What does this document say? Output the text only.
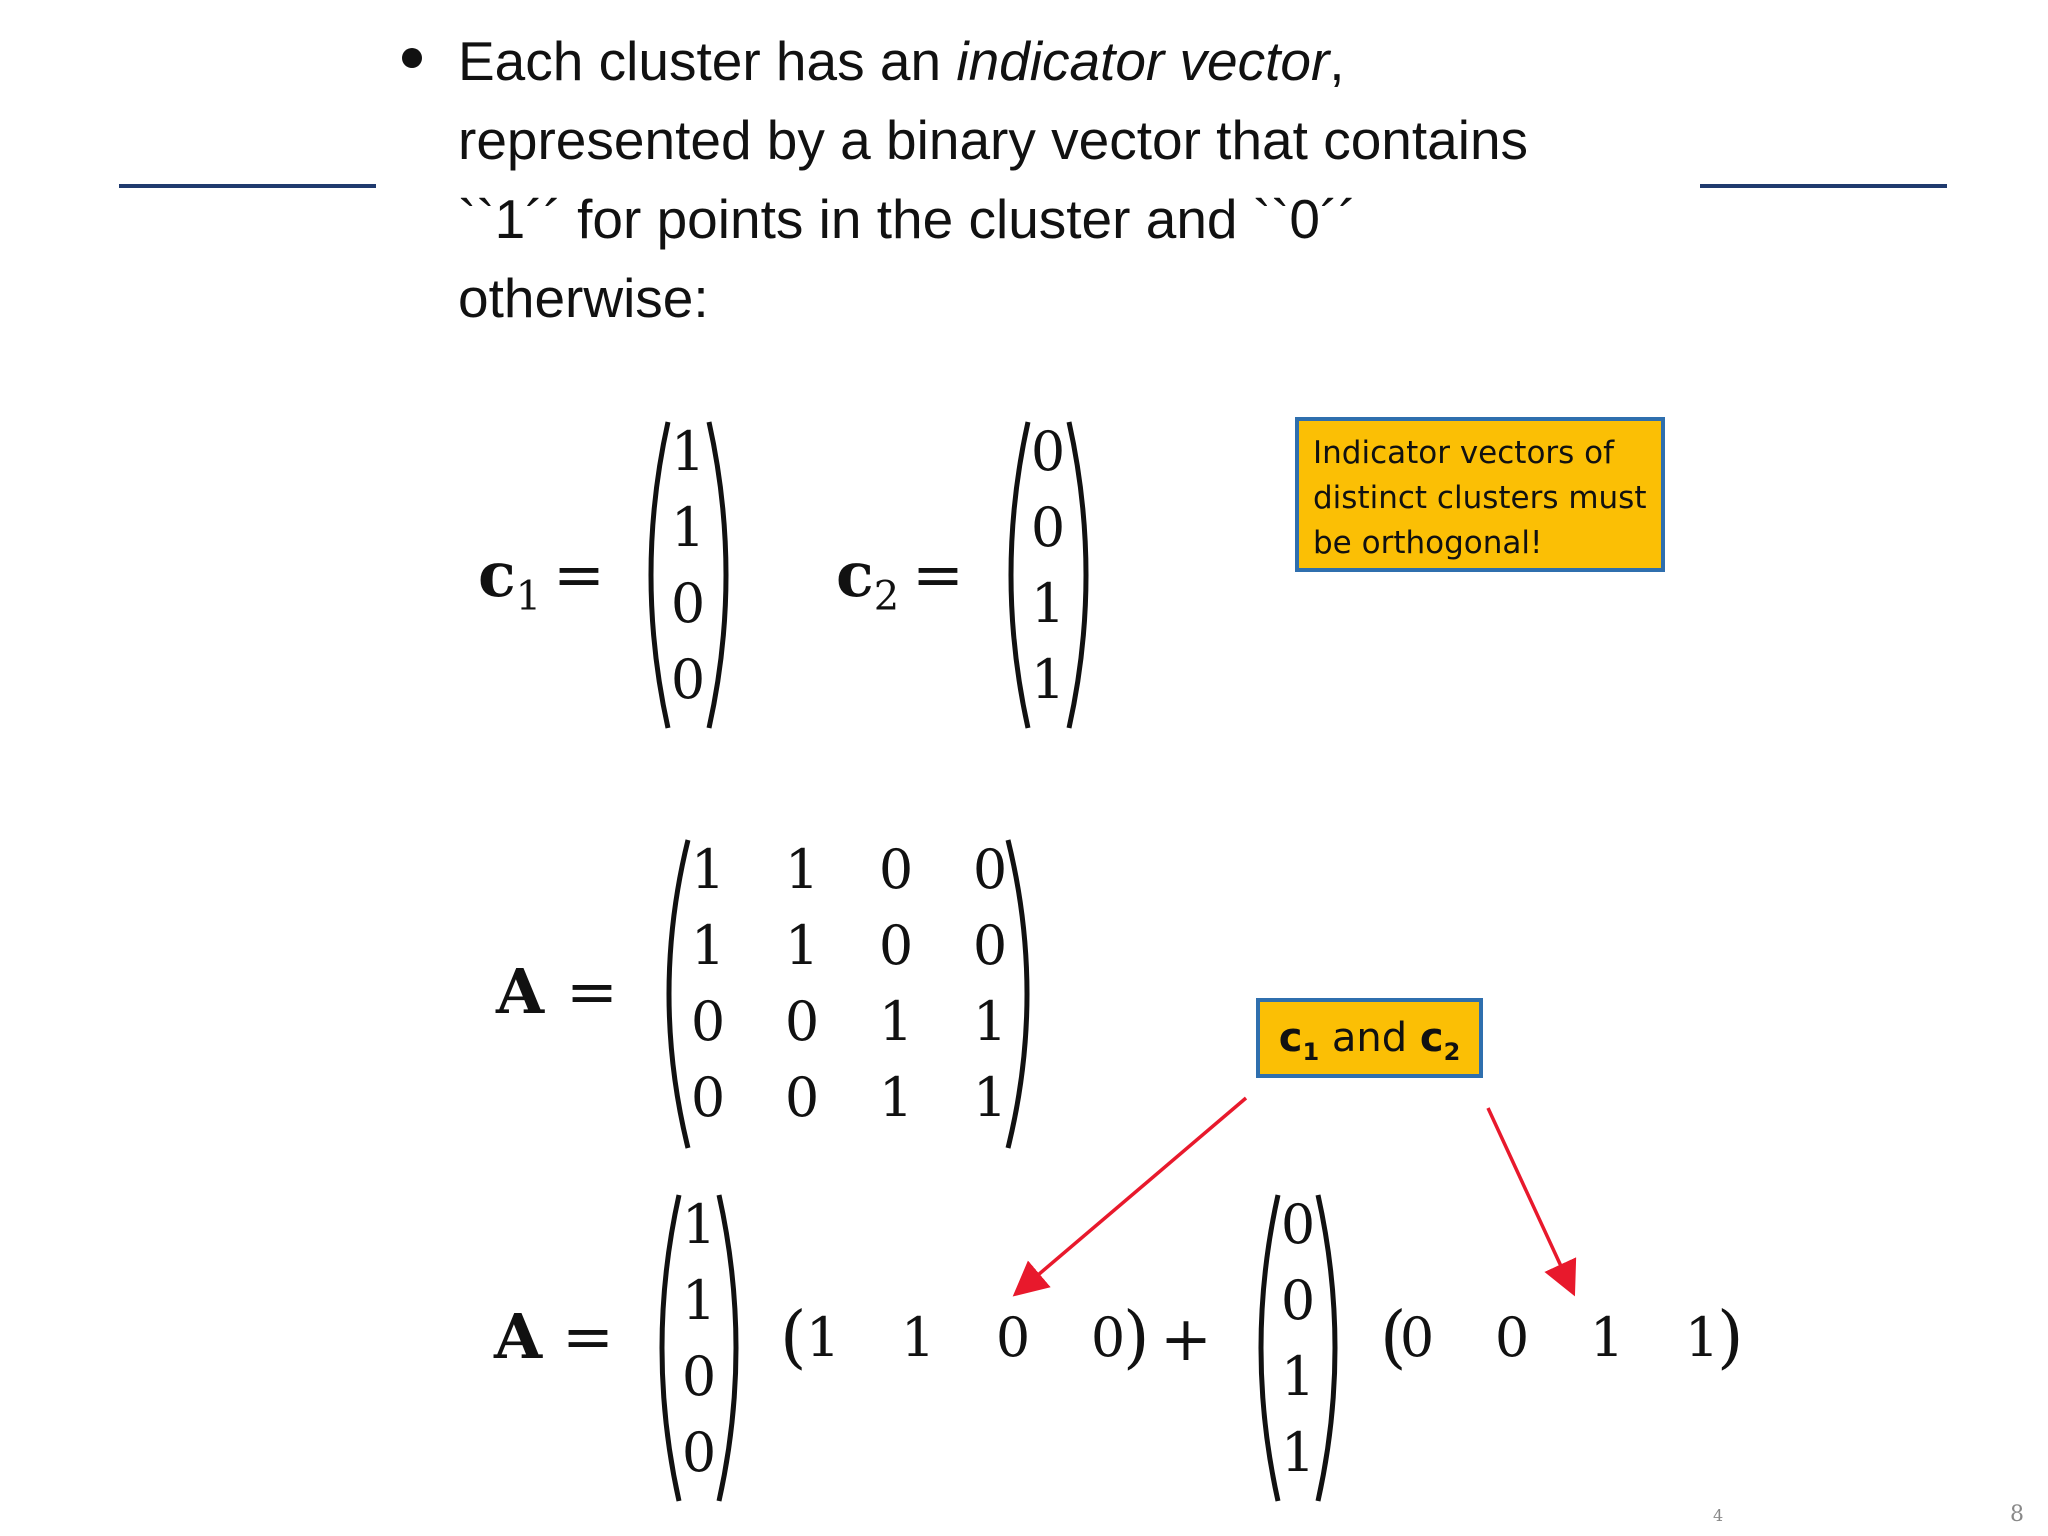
Each cluster has an indicator vector,
represented by a binary vector that contains
``1´´ for points in the cluster and ``0´´
otherwise:
$c_1$ =
1
1
0
0
$c_2$ =
0
0
1
1
Indicator vectors of
distinct clusters must
be orthogonal!
A =
1 1 0 0
1 1 0 0
0 0 1 1
0 0 1 1
A =
1
1
0
0
( 1 1 0 0
) +
0
0
1
1
(
0 0 1 1
)
$c_1$ and $c_2$
4	8
